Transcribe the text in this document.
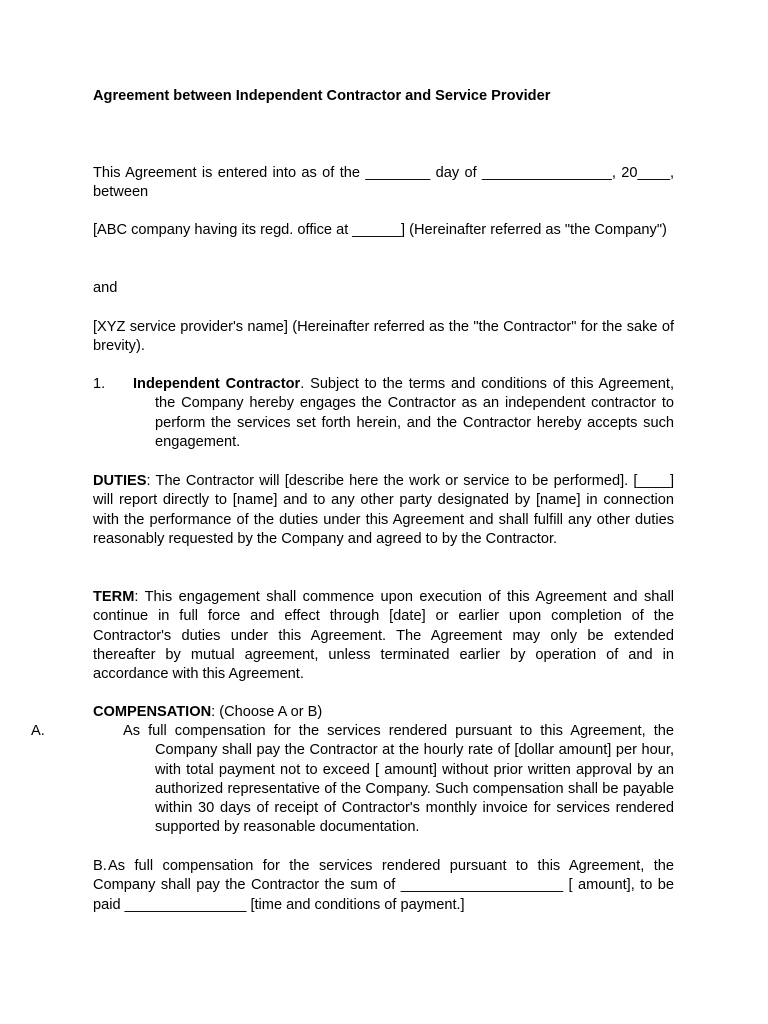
Agreement between Independent Contractor and Service Provider

This Agreement is entered into as of the ________ day of ________________, 20____, between

[ABC company having its regd. office at ______] (Hereinafter referred as "the Company")

and

[XYZ service provider's name] (Hereinafter referred as the "the Contractor" for the sake of brevity).

1. Independent Contractor. Subject to the terms and conditions of this Agreement, the Company hereby engages the Contractor as an independent contractor to perform the services set forth herein, and the Contractor hereby accepts such engagement.

DUTIES: The Contractor will [describe here the work or service to be performed]. [____] will report directly to [name] and to any other party designated by [name] in connection with the performance of the duties under this Agreement and shall fulfill any other duties reasonably requested by the Company and agreed to by the Contractor.

TERM: This engagement shall commence upon execution of this Agreement and shall continue in full force and effect through [date] or earlier upon completion of the Contractor's duties under this Agreement. The Agreement may only be extended thereafter by mutual agreement, unless terminated earlier by operation of and in accordance with this Agreement.

COMPENSATION: (Choose A or B)

A.	As full compensation for the services rendered pursuant to this Agreement, the Company shall pay the Contractor at the hourly rate of [dollar amount] per hour, with total payment not to exceed [ amount] without prior written approval by an authorized representative of the Company. Such compensation shall be payable within 30 days of receipt of Contractor's monthly invoice for services rendered supported by reasonable documentation.

B.As full compensation for the services rendered pursuant to this Agreement, the Company shall pay the Contractor the sum of ____________________ [ amount], to be paid _______________ [time and conditions of payment.]
